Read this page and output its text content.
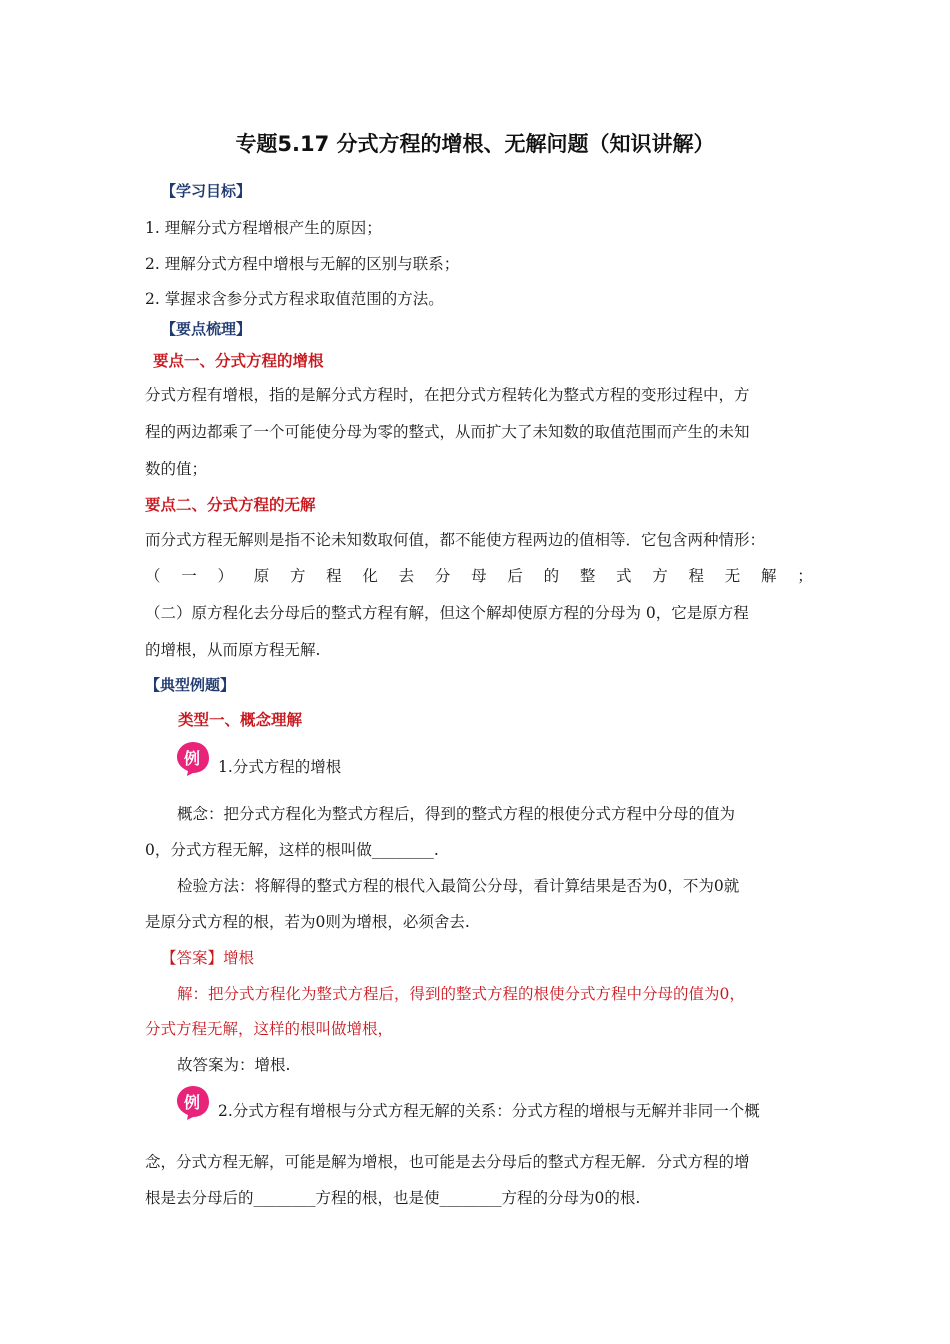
专题5.17 分式方程的增根、无解问题（知识讲解）
【学习目标】
1. 理解分式方程增根产生的原因；
2. 理解分式方程中增根与无解的区别与联系；
2. 掌握求含参分式方程求取值范围的方法。
【要点梳理】
要点一、分式方程的增根
分式方程有增根，指的是解分式方程时，在把分式方程转化为整式方程的变形过程中，方
程的两边都乘了一个可能使分母为零的整式，从而扩大了未知数的取值范围而产生的未知
数的值；
要点二、分式方程的无解
而分式方程无解则是指不论未知数取何值，都不能使方程两边的值相等．它包含两种情形：
（ 一 ） 原 方 程 化 去 分 母 后 的 整 式 方 程 无 解 ；
（二）原方程化去分母后的整式方程有解，但这个解却使原方程的分母为 0，它是原方程
的增根，从而原方程无解.
【典型例题】
类型一、概念理解
例 1.分式方程的增根
概念：把分式方程化为整式方程后，得到的整式方程的根使分式方程中分母的值为
0，分式方程无解，这样的根叫做________.
检验方法：将解得的整式方程的根代入最简公分母，看计算结果是否为0，不为0就
是原分式方程的根，若为0则为增根，必须舍去.
【答案】增根
解：把分式方程化为整式方程后，得到的整式方程的根使分式方程中分母的值为0，
分式方程无解，这样的根叫做增根，
故答案为：增根.
例 2.分式方程有增根与分式方程无解的关系：分式方程的增根与无解并非同一个概
念，分式方程无解，可能是解为增根，也可能是去分母后的整式方程无解．分式方程的增
根是去分母后的________方程的根，也是使________方程的分母为0的根.
